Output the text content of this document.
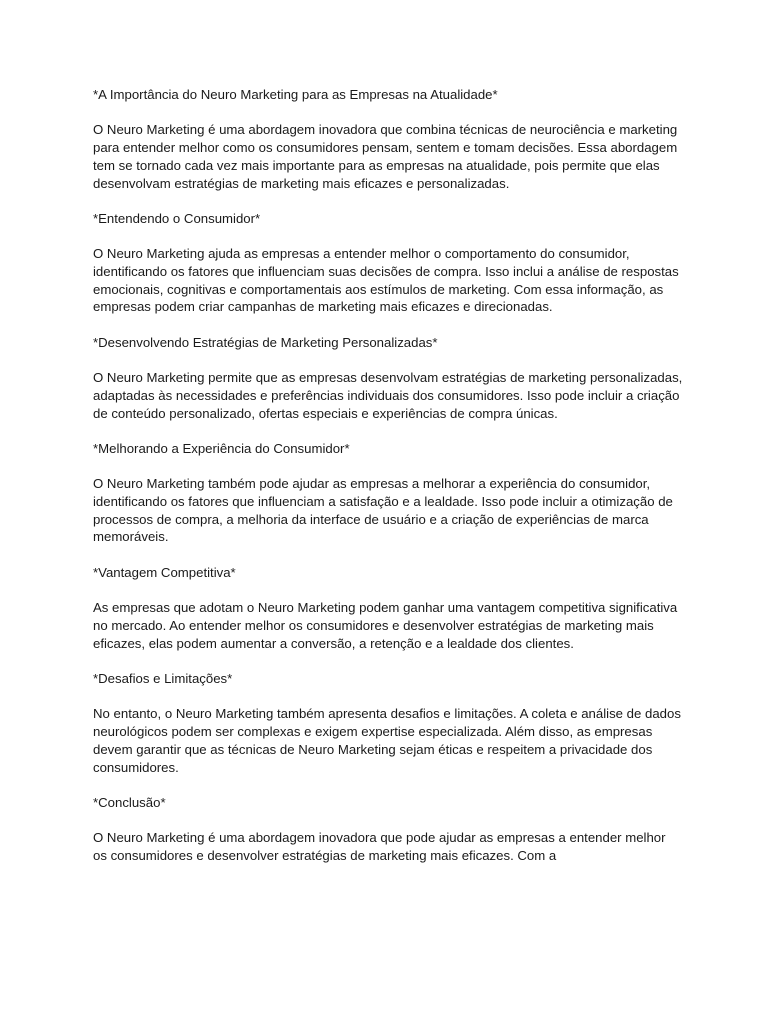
*A Importância do Neuro Marketing para as Empresas na Atualidade*

O Neuro Marketing é uma abordagem inovadora que combina técnicas de neurociência e marketing para entender melhor como os consumidores pensam, sentem e tomam decisões. Essa abordagem tem se tornado cada vez mais importante para as empresas na atualidade, pois permite que elas desenvolvam estratégias de marketing mais eficazes e personalizadas.

*Entendendo o Consumidor*

O Neuro Marketing ajuda as empresas a entender melhor o comportamento do consumidor, identificando os fatores que influenciam suas decisões de compra. Isso inclui a análise de respostas emocionais, cognitivas e comportamentais aos estímulos de marketing. Com essa informação, as empresas podem criar campanhas de marketing mais eficazes e direcionadas.

*Desenvolvendo Estratégias de Marketing Personalizadas*

O Neuro Marketing permite que as empresas desenvolvam estratégias de marketing personalizadas, adaptadas às necessidades e preferências individuais dos consumidores. Isso pode incluir a criação de conteúdo personalizado, ofertas especiais e experiências de compra únicas.

*Melhorando a Experiência do Consumidor*

O Neuro Marketing também pode ajudar as empresas a melhorar a experiência do consumidor, identificando os fatores que influenciam a satisfação e a lealdade. Isso pode incluir a otimização de processos de compra, a melhoria da interface de usuário e a criação de experiências de marca memoráveis.

*Vantagem Competitiva*

As empresas que adotam o Neuro Marketing podem ganhar uma vantagem competitiva significativa no mercado. Ao entender melhor os consumidores e desenvolver estratégias de marketing mais eficazes, elas podem aumentar a conversão, a retenção e a lealdade dos clientes.

*Desafios e Limitações*

No entanto, o Neuro Marketing também apresenta desafios e limitações. A coleta e análise de dados neurológicos podem ser complexas e exigem expertise especializada. Além disso, as empresas devem garantir que as técnicas de Neuro Marketing sejam éticas e respeitem a privacidade dos consumidores.

*Conclusão*

O Neuro Marketing é uma abordagem inovadora que pode ajudar as empresas a entender melhor os consumidores e desenvolver estratégias de marketing mais eficazes. Com a
